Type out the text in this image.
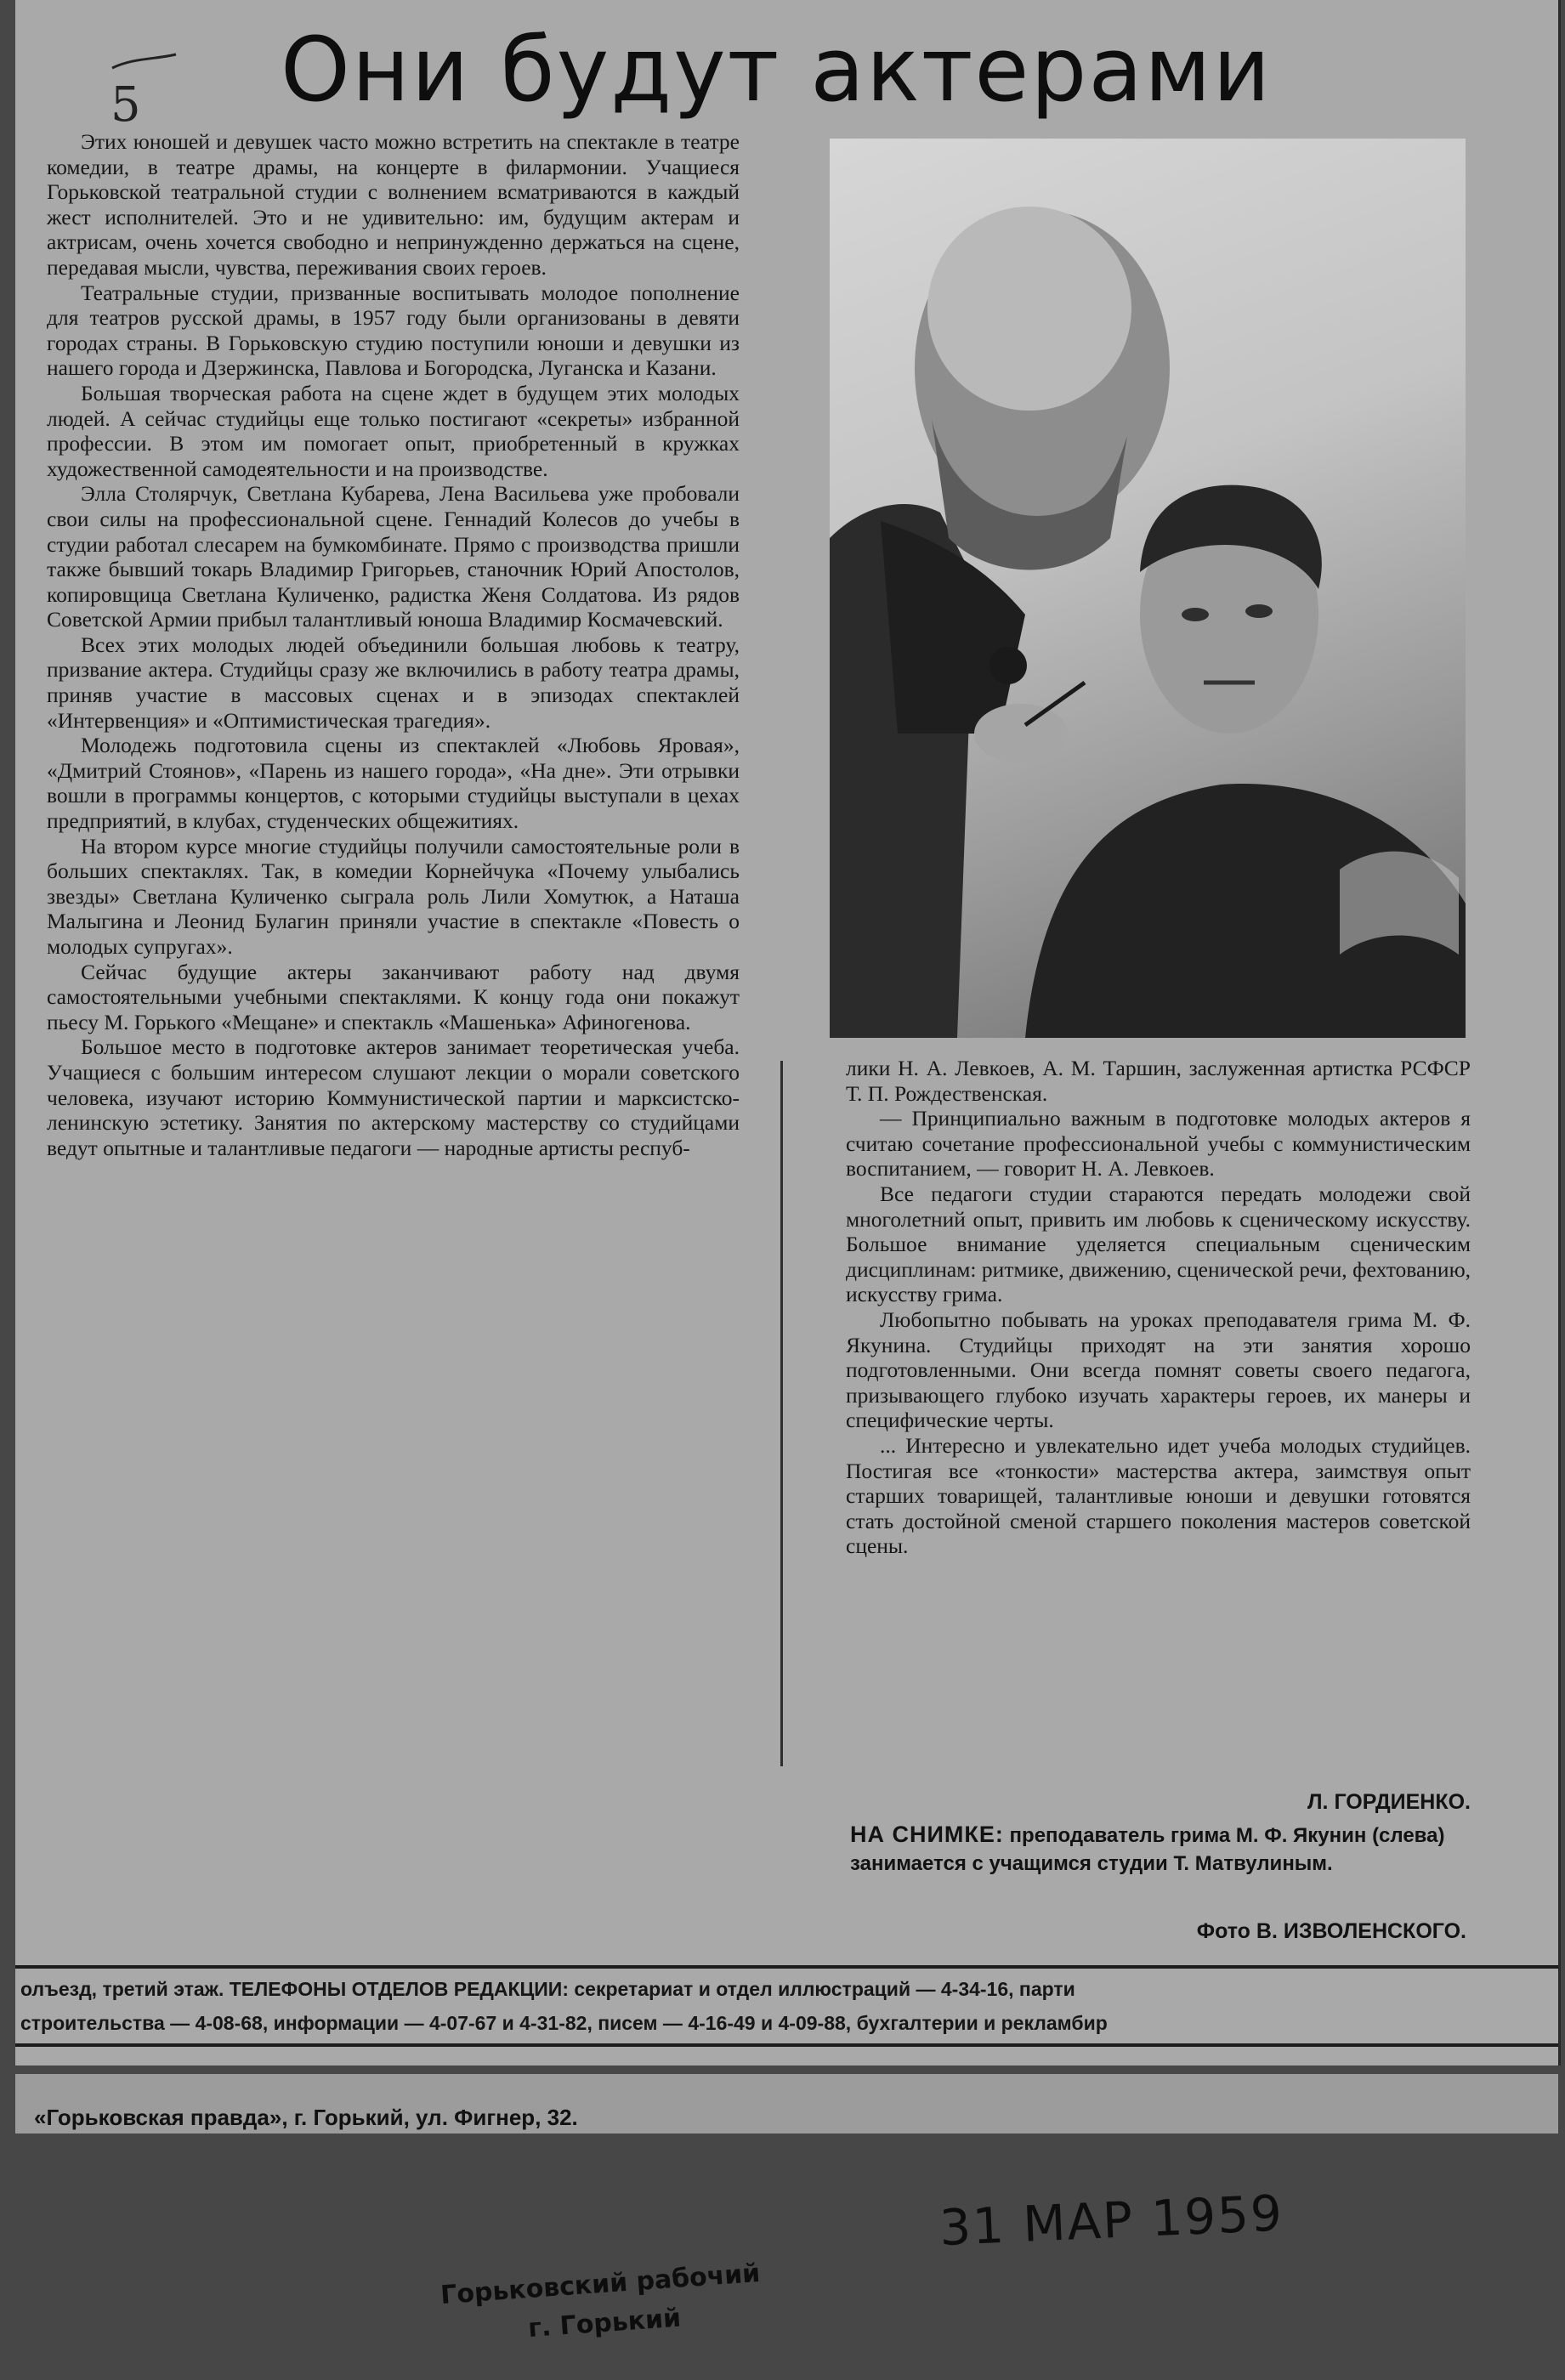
5 Они будут актерами

Этих юношей и девушек часто можно встретить на спектакле в театре комедии, в театре драмы, на концерте в филармонии. Учащиеся Горьковской театральной студии с волнением всматриваются в каждый жест исполнителей. Это и не удивительно: им, будущим актерам и актрисам, очень хочется свободно и непринужденно держаться на сцене, передавая мысли, чувства, переживания своих героев.

Театральные студии, призванные воспитывать молодое пополнение для театров русской драмы, в 1957 году были организованы в девяти городах страны. В Горьковскую студию поступили юноши и девушки из нашего города и Дзержинска, Павлова и Богородска, Луганска и Казани.

Большая творческая работа на сцене ждет в будущем этих молодых людей. А сейчас студийцы еще только постигают «секреты» избранной профессии. В этом им помогает опыт, приобретенный в кружках художественной самодеятельности и на производстве.

Элла Столярчук, Светлана Кубарева, Лена Васильева уже пробовали свои силы на профессиональной сцене. Геннадий Колесов до учебы в студии работал слесарем на бумкомбинате. Прямо с производства пришли также бывший токарь Владимир Григорьев, станочник Юрий Апостолов, копировщица Светлана Куличенко, радистка Женя Солдатова. Из рядов Советской Армии прибыл талантливый юноша Владимир Космачевский.

Всех этих молодых людей объединили большая любовь к театру, призвание актера. Студийцы сразу же включились в работу театра драмы, приняв участие в массовых сценах и в эпизодах спектаклей «Интервенция» и «Оптимистическая трагедия».

Молодежь подготовила сцены из спектаклей «Любовь Яровая», «Дмитрий Стоянов», «Парень из нашего города», «На дне». Эти отрывки вошли в программы концертов, с которыми студийцы выступали в цехах предприятий, в клубах, студенческих общежитиях.

На втором курсе многие студийцы получили самостоятельные роли в больших спектаклях. Так, в комедии Корнейчука «Почему улыбались звезды» Светлана Куличенко сыграла роль Лили Хомутюк, а Наташа Малыгина и Леонид Булагин приняли участие в спектакле «Повесть о молодых супругах».

Сейчас будущие актеры заканчивают работу над двумя самостоятельными учебными спектаклями. К концу года они покажут пьесу М. Горького «Мещане» и спектакль «Машенька» Афиногенова.

Большое место в подготовке актеров занимает теоретическая учеба. Учащиеся с большим интересом слушают лекции о морали советского человека, изучают историю Коммунистической партии и марксистско-ленинскую эстетику. Занятия по актерскому мастерству со студийцами ведут опытные и талантливые педагоги — народные артисты респуб-

лики Н. А. Левкоев, А. М. Таршин, заслуженная артистка РСФСР Т. П. Рождественская.

— Принципиально важным в подготовке молодых актеров я считаю сочетание профессиональной учебы с коммунистическим воспитанием, — говорит Н. А. Левкоев.

Все педагоги студии стараются передать молодежи свой многолетний опыт, привить им любовь к сценическому искусству. Большое внимание уделяется специальным сценическим дисциплинам: ритмике, движению, сценической речи, фехтованию, искусству грима.

Любопытно побывать на уроках преподавателя грима М. Ф. Якунина. Студийцы приходят на эти занятия хорошо подготовленными. Они всегда помнят советы своего педагога, призывающего глубоко изучать характеры героев, их манеры и специфические черты.

... Интересно и увлекательно идет учеба молодых студийцев. Постигая все «тонкости» мастерства актера, заимствуя опыт старших товарищей, талантливые юноши и девушки готовятся стать достойной сменой старшего поколения мастеров советской сцены.

Л. ГОРДИЕНКО.
НА СНИМКЕ: преподаватель грима М. Ф. Якунин (слева) занимается с учащимся студии Т. Матвулиным.
Фото В. ИЗВОЛЕНСКОГО.
олъезд, третий этаж. ТЕЛЕФОНЫ ОТДЕЛОВ РЕДАКЦИИ: секретариат и отдел иллюстраций — 4-34-16, парти
строительства — 4-08-68, информации — 4-07-67 и 4-31-82, писем — 4-16-49 и 4-09-88, бухгалтерии и рекламбир
«Горьковская правда», г. Горький, ул. Фигнер, 32.
31 МАР 1959
Горьковский рабочий
г. Горький
